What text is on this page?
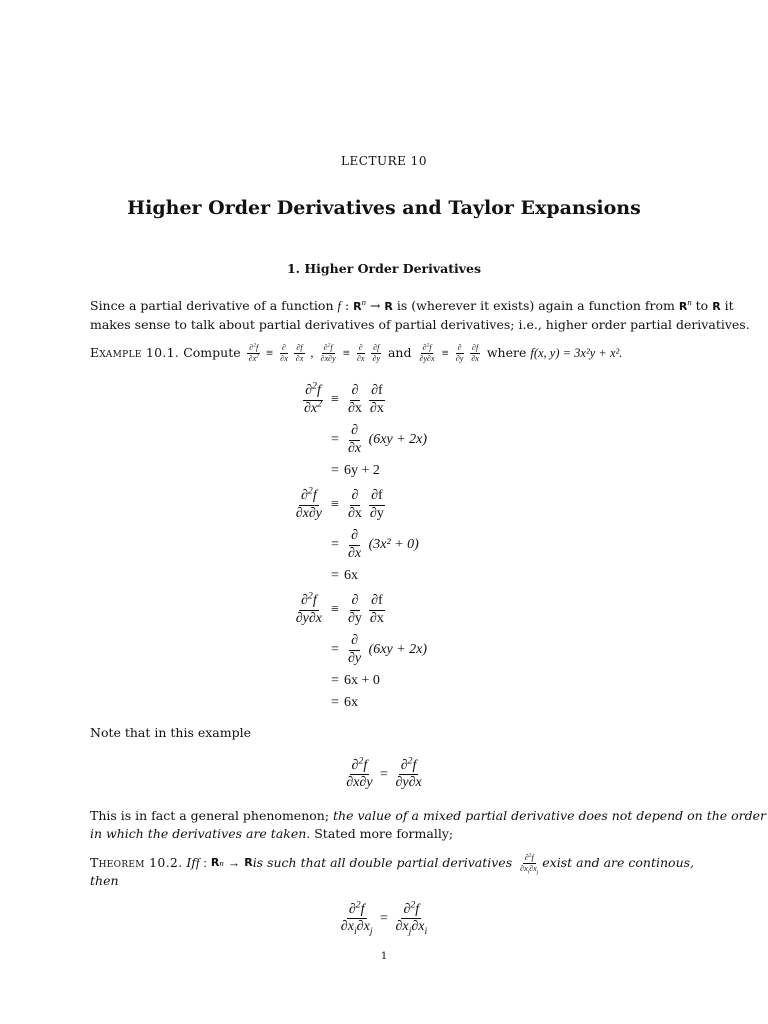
LECTURE 10
Higher Order Derivatives and Taylor Expansions
1. Higher Order Derivatives
Since a partial derivative of a function f : $R^n \to R$ is (wherever it exists) again a function from $R^n$ to R it
makes sense to talk about partial derivatives of partial derivatives; i.e., higher order partial derivatives.
Example 10.1.
Compute
$\frac{\partial^2f}{\partial x^2} \equiv \frac{\partial}{\partial x} \frac{\partial f}{\partial x}$ , $\frac{\partial^2f}{\partial x\partial y} \equiv \frac{\partial}{\partial x} \frac{\partial f}{\partial y}$
and
$\frac{\partial^2f}{\partial y\partial x} \equiv \frac{\partial}{\partial y} \frac{\partial f}{\partial x}$
where
f(x, y) = 3x²y + x².
$\frac{\partial^2f}{\partial x^2} \equiv \frac{\partial}{\partial x} \frac{\partial f}{\partial x}$
= $\frac{\partial}{\partial x}$
(6xy + 2x)
= 6y + 2
$\frac{\partial^2f}{\partial x\partial y} \equiv \frac{\partial}{\partial x} \frac{\partial f}{\partial y}$
= $\frac{\partial}{\partial x}$
(3x² + 0)
= 6x
$\frac{\partial^2f}{\partial y\partial x} \equiv \frac{\partial}{\partial y} \frac{\partial f}{\partial x}$
= $\frac{\partial}{\partial y}$
(6xy + 2x)
= 6x + 0
= 6x
Note that in this example
$\frac{\partial^2f}{\partial x\partial y} = \frac{\partial^2f}{\partial y\partial x}$
This is in fact a general phenomenon; the value of a mixed partial derivative does not depend on the order
in which the derivatives are taken. Stated more formally;
Theorem 10.2.
If f
:
R n
→
R is such that all double partial derivatives
$\frac{\partial^2f}{\partial x_i\partial x_j}$ exist and are continous,
then
$\frac{\partial^2f}{\partial x_i\partial x_j} = \frac{\partial^2f}{\partial x_j\partial x_i}$
1
